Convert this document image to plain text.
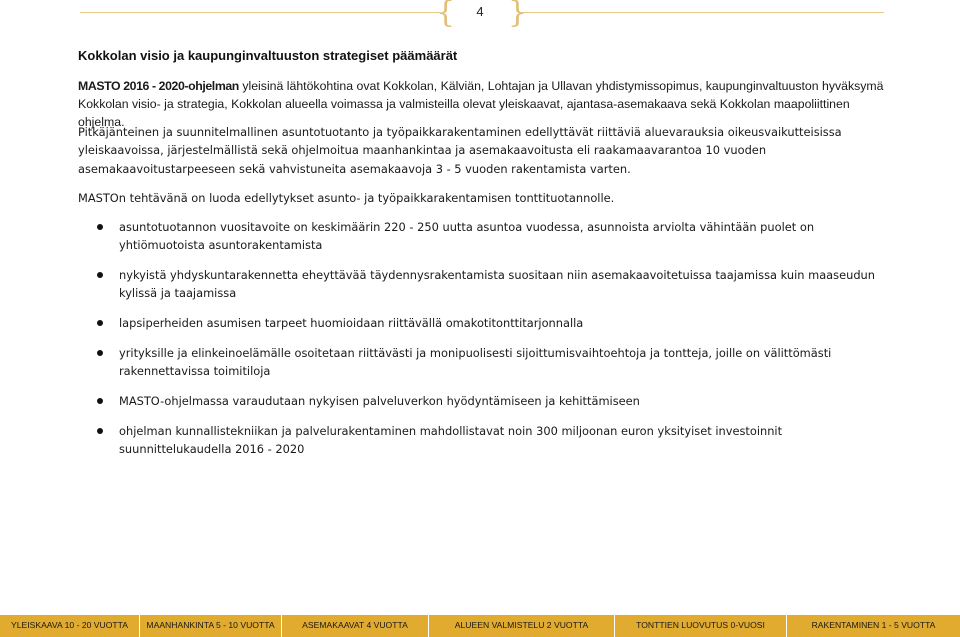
{ }
4
Kokkolan visio ja kaupunginvaltuuston strategiset päämäärät
MASTO 2016 - 2020-ohjelman yleisinä lähtökohtina ovat Kokkolan, Kälviän, Lohtajan ja Ullavan yhdistymissopimus, kaupunginvaltuuston hyväksymä Kokkolan visio- ja strategia, Kokkolan alueella voimassa ja valmisteilla olevat yleiskaavat, ajantasa-asemakaava sekä Kokkolan maapoliittinen ohjelma.
Pitkäjänteinen ja suunnitelmallinen asuntotuotanto ja työpaikkarakentaminen edellyttävät riittäviä aluevarauksia oikeusvaikutteisissa yleiskaavoissa, järjestelmällistä sekä ohjelmoitua maanhankintaa ja asemakaavoitusta eli raakamaavarantoa 10 vuoden asemakaavoitustarpeeseen sekä vahvistuneita asemakaavoja 3 - 5 vuoden rakentamista varten.
MASTOn tehtävänä on luoda edellytykset asunto- ja työpaikkarakentamisen tonttituotannolle.
asuntotuotannon vuositavoite on keskimäärin 220 - 250 uutta asuntoa vuodessa, asunnoista arviolta vähintään puolet on yhtiömuotoista asuntorakentamista
nykyistä yhdyskuntarakennetta eheyttävää täydennysrakentamista suositaan niin asemakaavoitetuissa taajamissa kuin maaseudun kylissä ja taajamissa
lapsiperheiden asumisen tarpeet huomioidaan riittävällä omakotitonttitarjonnalla
yrityksille ja elinkeinoelämälle osoitetaan riittävästi ja monipuolisesti sijoittumisvaihtoehtoja ja tontteja, joille on välittömästi rakennettavissa toimitiloja
MASTO-ohjelmassa varaudutaan nykyisen palveluverkon hyödyntämiseen ja kehittämiseen
ohjelman kunnallistekniikan ja palvelurakentaminen mahdollistavat noin 300 miljoonan euron yksityiset investoinnit suunnittelukaudella 2016 - 2020
YLEISKAAVA 10 - 20 VUOTTA	MAANHANKINTA 5 - 10 VUOTTA	ASEMAKAAVAT 4 VUOTTA	ALUEEN VALMISTELU 2 VUOTTA	TONTTIEN LUOVUTUS 0-VUOSI	RAKENTAMINEN 1 - 5 VUOTTA
